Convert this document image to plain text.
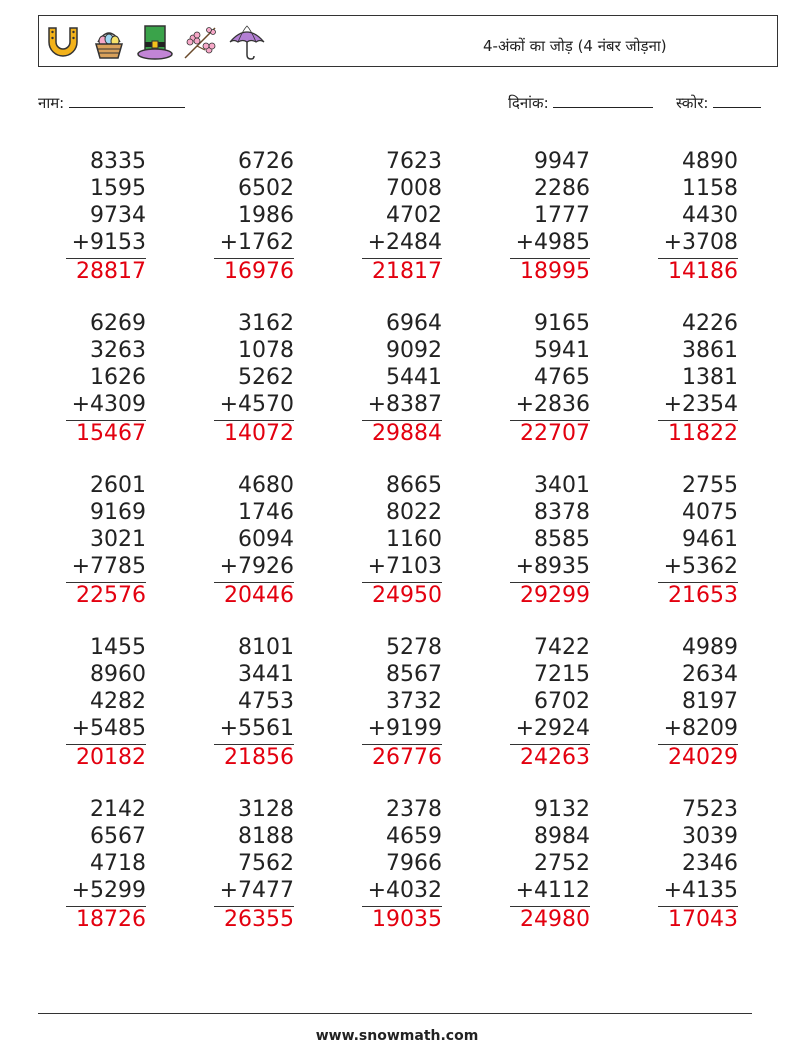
4-अंकों का जोड़ (4 नंबर जोड़ना)
नाम:	दिनांक:	स्कोर:
8335
1595
9734
+9153
28817
6726
6502
1986
+1762
16976
7623
7008
4702
+2484
21817
9947
2286
1777
+4985
18995
4890
1158
4430
+3708
14186
6269
3263
1626
+4309
15467
3162
1078
5262
+4570
14072
6964
9092
5441
+8387
29884
9165
5941
4765
+2836
22707
4226
3861
1381
+2354
11822
2601
9169
3021
+7785
22576
4680
1746
6094
+7926
20446
8665
8022
1160
+7103
24950
3401
8378
8585
+8935
29299
2755
4075
9461
+5362
21653
1455
8960
4282
+5485
20182
8101
3441
4753
+5561
21856
5278
8567
3732
+9199
26776
7422
7215
6702
+2924
24263
4989
2634
8197
+8209
24029
2142
6567
4718
+5299
18726
3128
8188
7562
+7477
26355
2378
4659
7966
+4032
19035
9132
8984
2752
+4112
24980
7523
3039
2346
+4135
17043
www.snowmath.com
